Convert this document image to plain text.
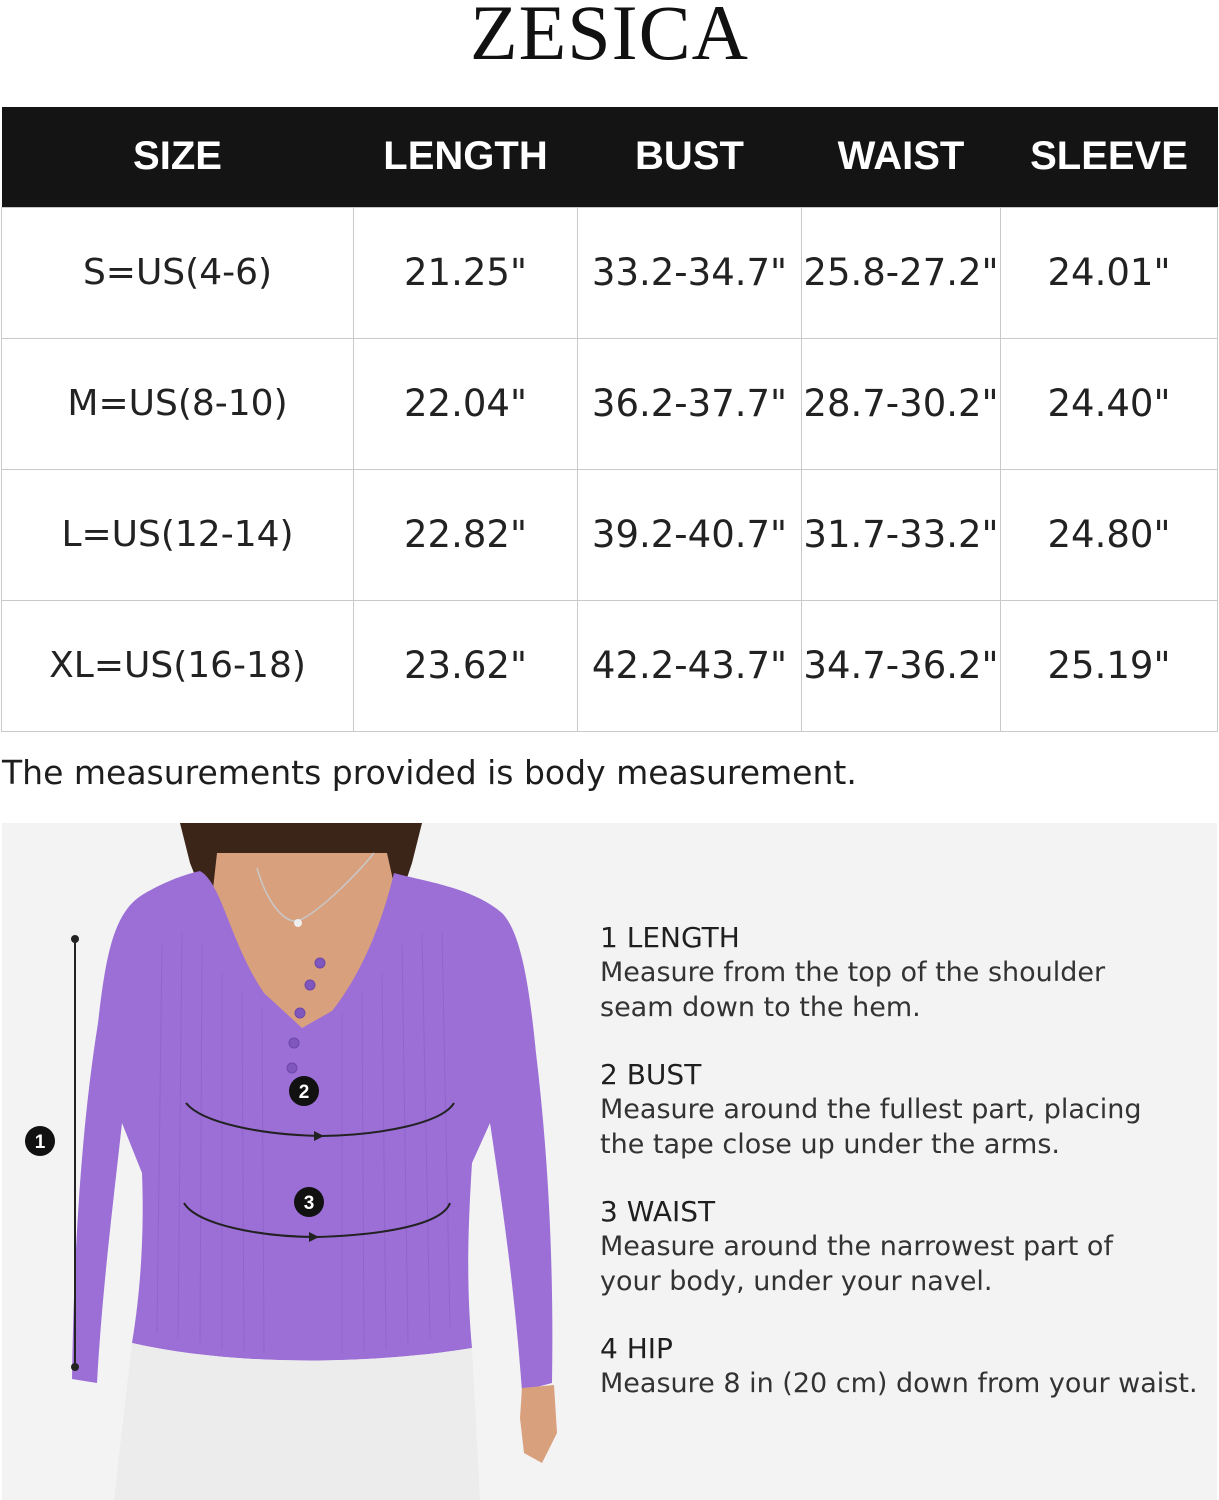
ZESICA
SIZE	LENGTH	BUST	WAIST	SLEEVE
S=US(4-6)	21.25"	33.2-34.7"	25.8-27.2"	24.01"
M=US(8-10)	22.04"	36.2-37.7"	28.7-30.2"	24.40"
L=US(12-14)	22.82"	39.2-40.7"	31.7-33.2"	24.80"
XL=US(16-18)	23.62"	42.2-43.7"	34.7-36.2"	25.19"
The measurements provided is body measurement.
1
2
3
1 LENGTH
Measure from the top of the shoulder
seam down to the hem.
2 BUST
Measure around the fullest part, placing
the tape close up under the arms.
3 WAIST
Measure around the narrowest part of
your body, under your navel.
4 HIP
Measure 8 in (20 cm) down from your waist.
